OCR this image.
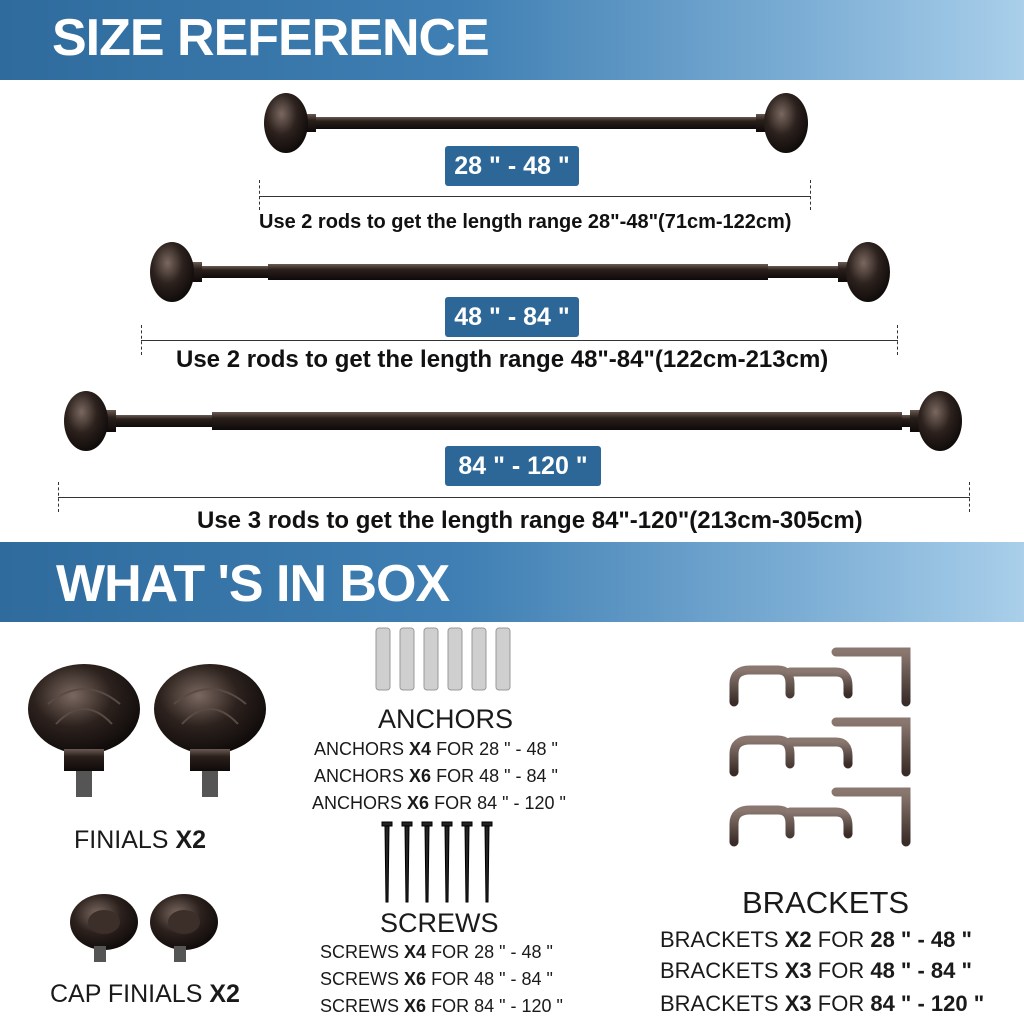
SIZE REFERENCE
28 " - 48 "
Use 2 rods to get the length range 28"-48"(71cm-122cm)
48 " - 84 "
Use 2 rods to get the length range 48"-84"(122cm-213cm)
84 " - 120 "
Use 3 rods to get the length range 84"-120"(213cm-305cm)
WHAT 'S IN BOX
FINIALS X2
CAP FINIALS X2
ANCHORS
ANCHORS X4 FOR 28 " - 48 "
ANCHORS X6 FOR 48 " - 84 "
ANCHORS X6 FOR 84 " - 120 "
SCREWS
SCREWS X4 FOR 28 " - 48 "
SCREWS X6 FOR 48 " - 84 "
SCREWS X6 FOR 84 " - 120 "
BRACKETS
BRACKETS X2 FOR 28 " - 48 "
BRACKETS X3 FOR 48 " - 84 "
BRACKETS X3 FOR 84 " - 120 "
